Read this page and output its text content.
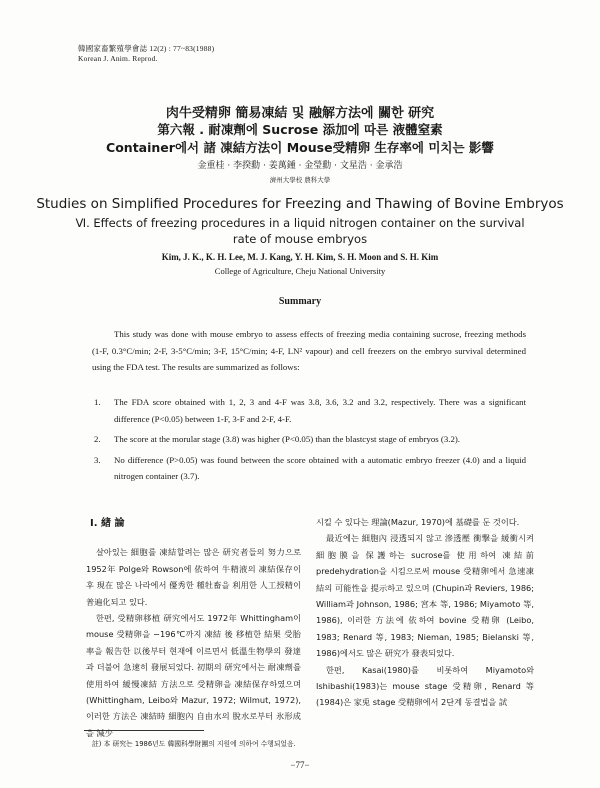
韓國家畜繁殖學會誌 12(2) : 77~83(1988)
Korean J. Anim. Reprod.
肉牛受精卵 簡易凍結 및 融解方法에 關한 研究
第六報 . 耐凍劑에 Sucrose 添加에 따른 液體窒素
Container에서 諸 凍結方法이 Mouse受精卵 生存率에 미치는 影響
金重桂 · 李揆勳 · 姜萬鍾 · 金瑩勳 · 文星浩 · 金承浩
濟州大學校 農科大學
Studies on Simplified Procedures for Freezing and Thawing of Bovine Embryos
Ⅵ. Effects of freezing procedures in a liquid nitrogen container on the survival
rate of mouse embryos
Kim, J. K., K. H. Lee, M. J. Kang, Y. H. Kim, S. H. Moon and S. H. Kim
College of Agriculture, Cheju National University
Summary
This study was done with mouse embryo to assess effects of freezing media containing sucrose, freezing methods (1-F, 0.3°C/min; 2-F, 3-5°C/min; 3-F, 15°C/min; 4-F, LN² vapour) and cell freezers on the embryo survival determined using the FDA test. The results are summarized as follows:
1. The FDA score obtained with 1, 2, 3 and 4-F was 3.8, 3.6, 3.2 and 3.2, respectively. There was a significant difference (P<0.05) between 1-F, 3-F and 2-F, 4-F.
2. The score at the morular stage (3.8) was higher (P<0.05) than the blastcyst stage of embryos (3.2).
3. No difference (P>0.05) was found between the score obtained with a automatic embryo freezer (4.0) and a liquid nitrogen container (3.7).
Ⅰ. 緖 論

살아있는 細胞를 凍結할려는 많은 研究者들의 努力으로 1952年 Polge와 Rowson에 依하여 牛精液의 凍結保存이후 現在 많은 나라에서 優秀한 種牡畜을 利用한 人工授精이 普遍化되고 있다.

한편, 受精卵移植 研究에서도 1972年 Whittingham이 mouse 受精卵을 −196℃까지 凍結 後 移植한 結果 受胎率을 報告한 以後부터 현재에 이르면서 低溫生物學의 發達과 더불어 急速히 發展되었다. 初期의 研究에서는 耐凍劑를 使用하여 緩慢凍結 方法으로 受精卵을 凍結保存하였으며(Whittingham, Leibo와 Mazur, 1972; Wilmut, 1972), 이러한 方法은 凍結時 細胞內 自由水의 脫水로부터 氷形成을 減少

시킬 수 있다는 理論(Mazur, 1970)에 基礎를 둔 것이다.

最近에는 細胞內 浸透되지 않고 滲透壓 衝撃을 緩衝시켜 細胞膜을 保護하는 sucrose를 使用하여 凍結前 predehydration을 시킴으로써 mouse 受精卵에서 急速凍結의 可能性을 提示하고 있으며 (Chupin과 Reviers, 1986; William과 Johnson, 1986; 宮本 等, 1986; Miyamoto 等, 1986), 이러한 方法에 依하여 bovine 受精卵 (Leibo, 1983; Renard 等, 1983; Nieman, 1985; Bielanski 等, 1986)에서도 많은 研究가 發表되었다.

한편, Kasai(1980)를 비롯하여 Miyamoto와 Ishibashi(1983)는 mouse stage 受精卵, Renard 等(1984)은 家兎 stage 受精卵에서 2단계 동결법을 試

註) 本 研究는 1986년도 韓國科學財團의 지원에 의하여 수행되었음.
−77−
